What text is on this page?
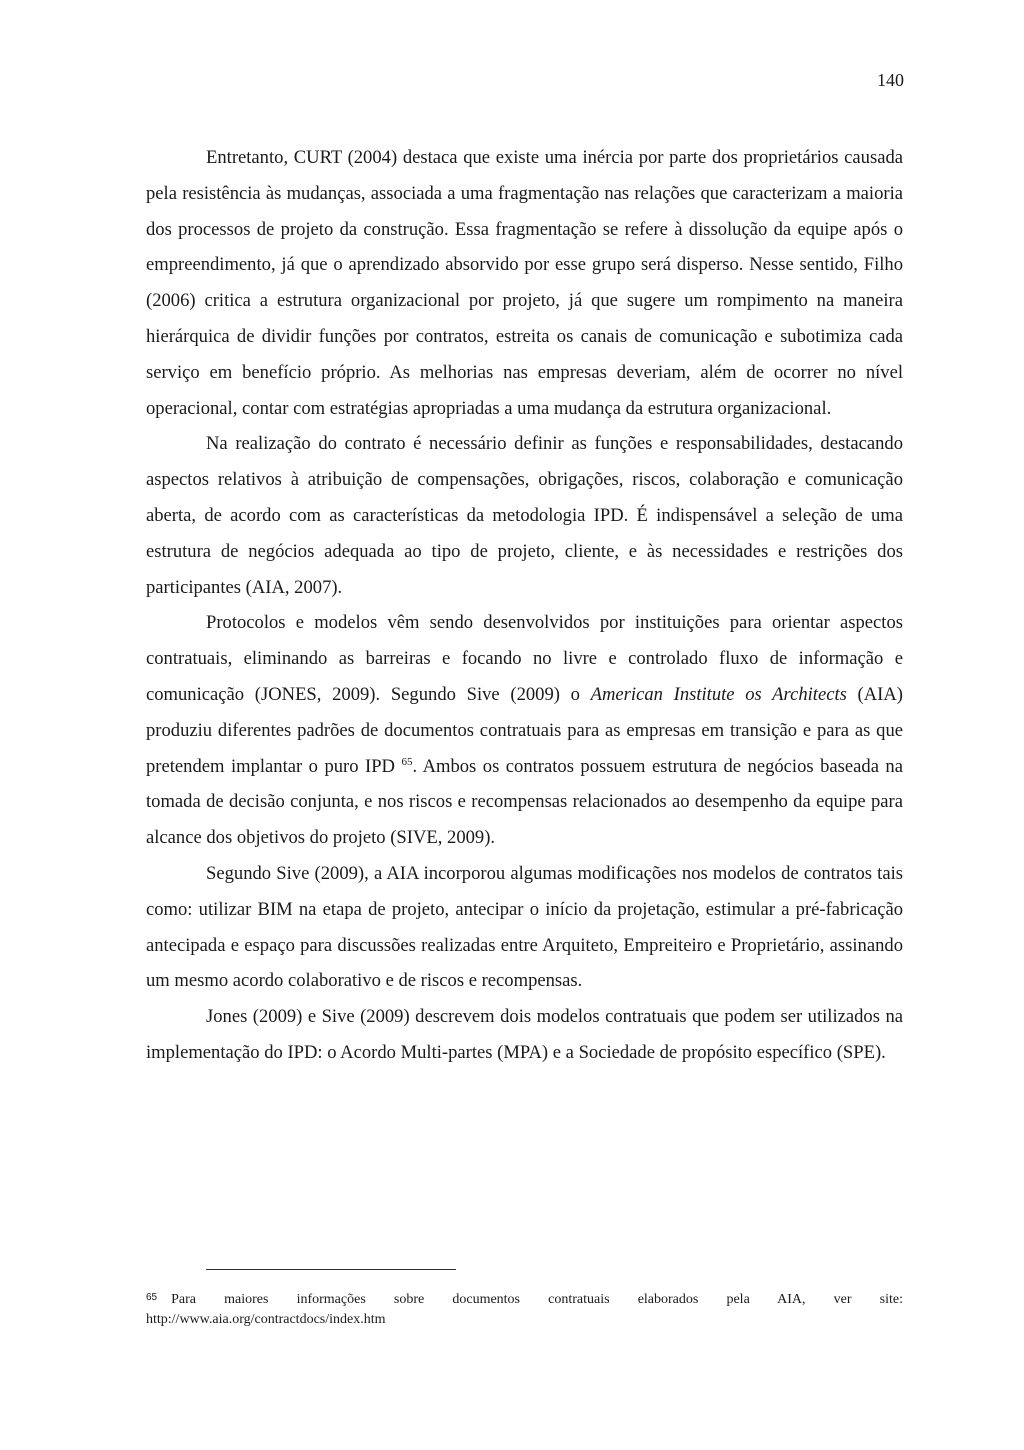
140

Entretanto, CURT (2004) destaca que existe uma inércia por parte dos proprietários causada pela resistência às mudanças, associada a uma fragmentação nas relações que caracterizam a maioria dos processos de projeto da construção. Essa fragmentação se refere à dissolução da equipe após o empreendimento, já que o aprendizado absorvido por esse grupo será disperso. Nesse sentido, Filho (2006) critica a estrutura organizacional por projeto, já que sugere um rompimento na maneira hierárquica de dividir funções por contratos, estreita os canais de comunicação e subotimiza cada serviço em benefício próprio. As melhorias nas empresas deveriam, além de ocorrer no nível operacional, contar com estratégias apropriadas a uma mudança da estrutura organizacional.

Na realização do contrato é necessário definir as funções e responsabilidades, destacando aspectos relativos à atribuição de compensações, obrigações, riscos, colaboração e comunicação aberta, de acordo com as características da metodologia IPD. É indispensável a seleção de uma estrutura de negócios adequada ao tipo de projeto, cliente, e às necessidades e restrições dos participantes (AIA, 2007).

Protocolos e modelos vêm sendo desenvolvidos por instituições para orientar aspectos contratuais, eliminando as barreiras e focando no livre e controlado fluxo de informação e comunicação (JONES, 2009). Segundo Sive (2009) o American Institute os Architects (AIA) produziu diferentes padrões de documentos contratuais para as empresas em transição e para as que pretendem implantar o puro IPD $^{65}$. Ambos os contratos possuem estrutura de negócios baseada na tomada de decisão conjunta, e nos riscos e recompensas relacionados ao desempenho da equipe para alcance dos objetivos do projeto (SIVE, 2009).

Segundo Sive (2009), a AIA incorporou algumas modificações nos modelos de contratos tais como: utilizar BIM na etapa de projeto, antecipar o início da projetação, estimular a pré-fabricação antecipada e espaço para discussões realizadas entre Arquiteto, Empreiteiro e Proprietário, assinando um mesmo acordo colaborativo e de riscos e recompensas.

Jones (2009) e Sive (2009) descrevem dois modelos contratuais que podem ser utilizados na implementação do IPD: o Acordo Multi-partes (MPA) e a Sociedade de propósito específico (SPE).

$^{65}$ Para maiores informações sobre documentos contratuais elaborados pela AIA, ver site:
http://www.aia.org/contractdocs/index.htm
